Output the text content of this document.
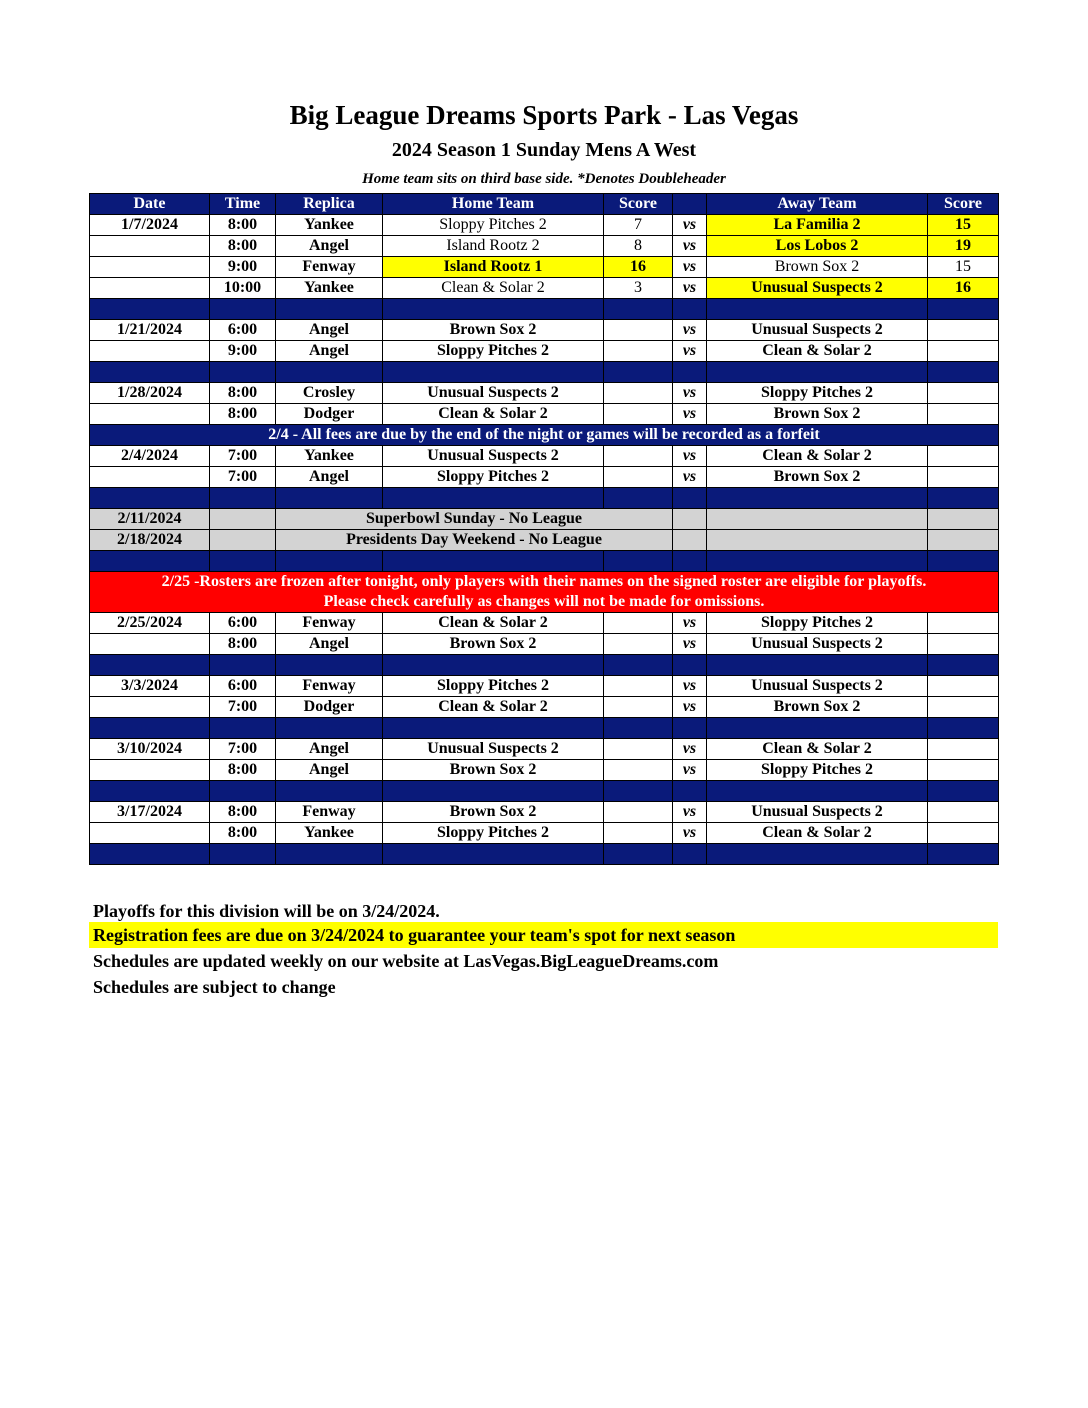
Big League Dreams Sports Park - Las Vegas
2024 Season 1 Sunday Mens A West
Home team sits on third base side. *Denotes Doubleheader
Date	Time	Replica	Home Team	Score		Away Team	Score
1/7/2024	8:00	Yankee	Sloppy Pitches 2	7	vs	La Familia 2	15
	8:00	Angel	Island Rootz 2	8	vs	Los Lobos 2	19
	9:00	Fenway	Island Rootz 1	16	vs	Brown Sox 2	15
	10:00	Yankee	Clean & Solar 2	3	vs	Unusual Suspects 2	16

1/21/2024	6:00	Angel	Brown Sox 2		vs	Unusual Suspects 2	
	9:00	Angel	Sloppy Pitches 2		vs	Clean & Solar 2	

1/28/2024	8:00	Crosley	Unusual Suspects 2		vs	Sloppy Pitches 2	
	8:00	Dodger	Clean & Solar 2		vs	Brown Sox 2	
2/4 - All fees are due by the end of the night or games will be recorded as a forfeit							
2/4/2024	7:00	Yankee	Unusual Suspects 2		vs	Clean & Solar 2	
	7:00	Angel	Sloppy Pitches 2		vs	Brown Sox 2	

2/11/2024		Superbowl Sunday - No League					
2/18/2024		Presidents Day Weekend - No League					

2/25 -Rosters are frozen after tonight, only players with their names on the signed roster are eligible for playoffs.
Please check carefully as changes will not be made for omissions.							

2/25/2024	6:00	Fenway	Clean & Solar 2		vs	Sloppy Pitches 2	
	8:00	Angel	Brown Sox 2		vs	Unusual Suspects 2	

3/3/2024	6:00	Fenway	Sloppy Pitches 2		vs	Unusual Suspects 2	
	7:00	Dodger	Clean & Solar 2		vs	Brown Sox 2	

3/10/2024	7:00	Angel	Unusual Suspects 2		vs	Clean & Solar 2	
	8:00	Angel	Brown Sox 2		vs	Sloppy Pitches 2	

3/17/2024	8:00	Fenway	Brown Sox 2		vs	Unusual Suspects 2	
	8:00	Yankee	Sloppy Pitches 2		vs	Clean & Solar 2	

Playoffs for this division will be on 3/24/2024.
Registration fees are due on 3/24/2024 to guarantee your team's spot for next season
Schedules are updated weekly on our website at LasVegas.BigLeagueDreams.com
Schedules are subject to change
